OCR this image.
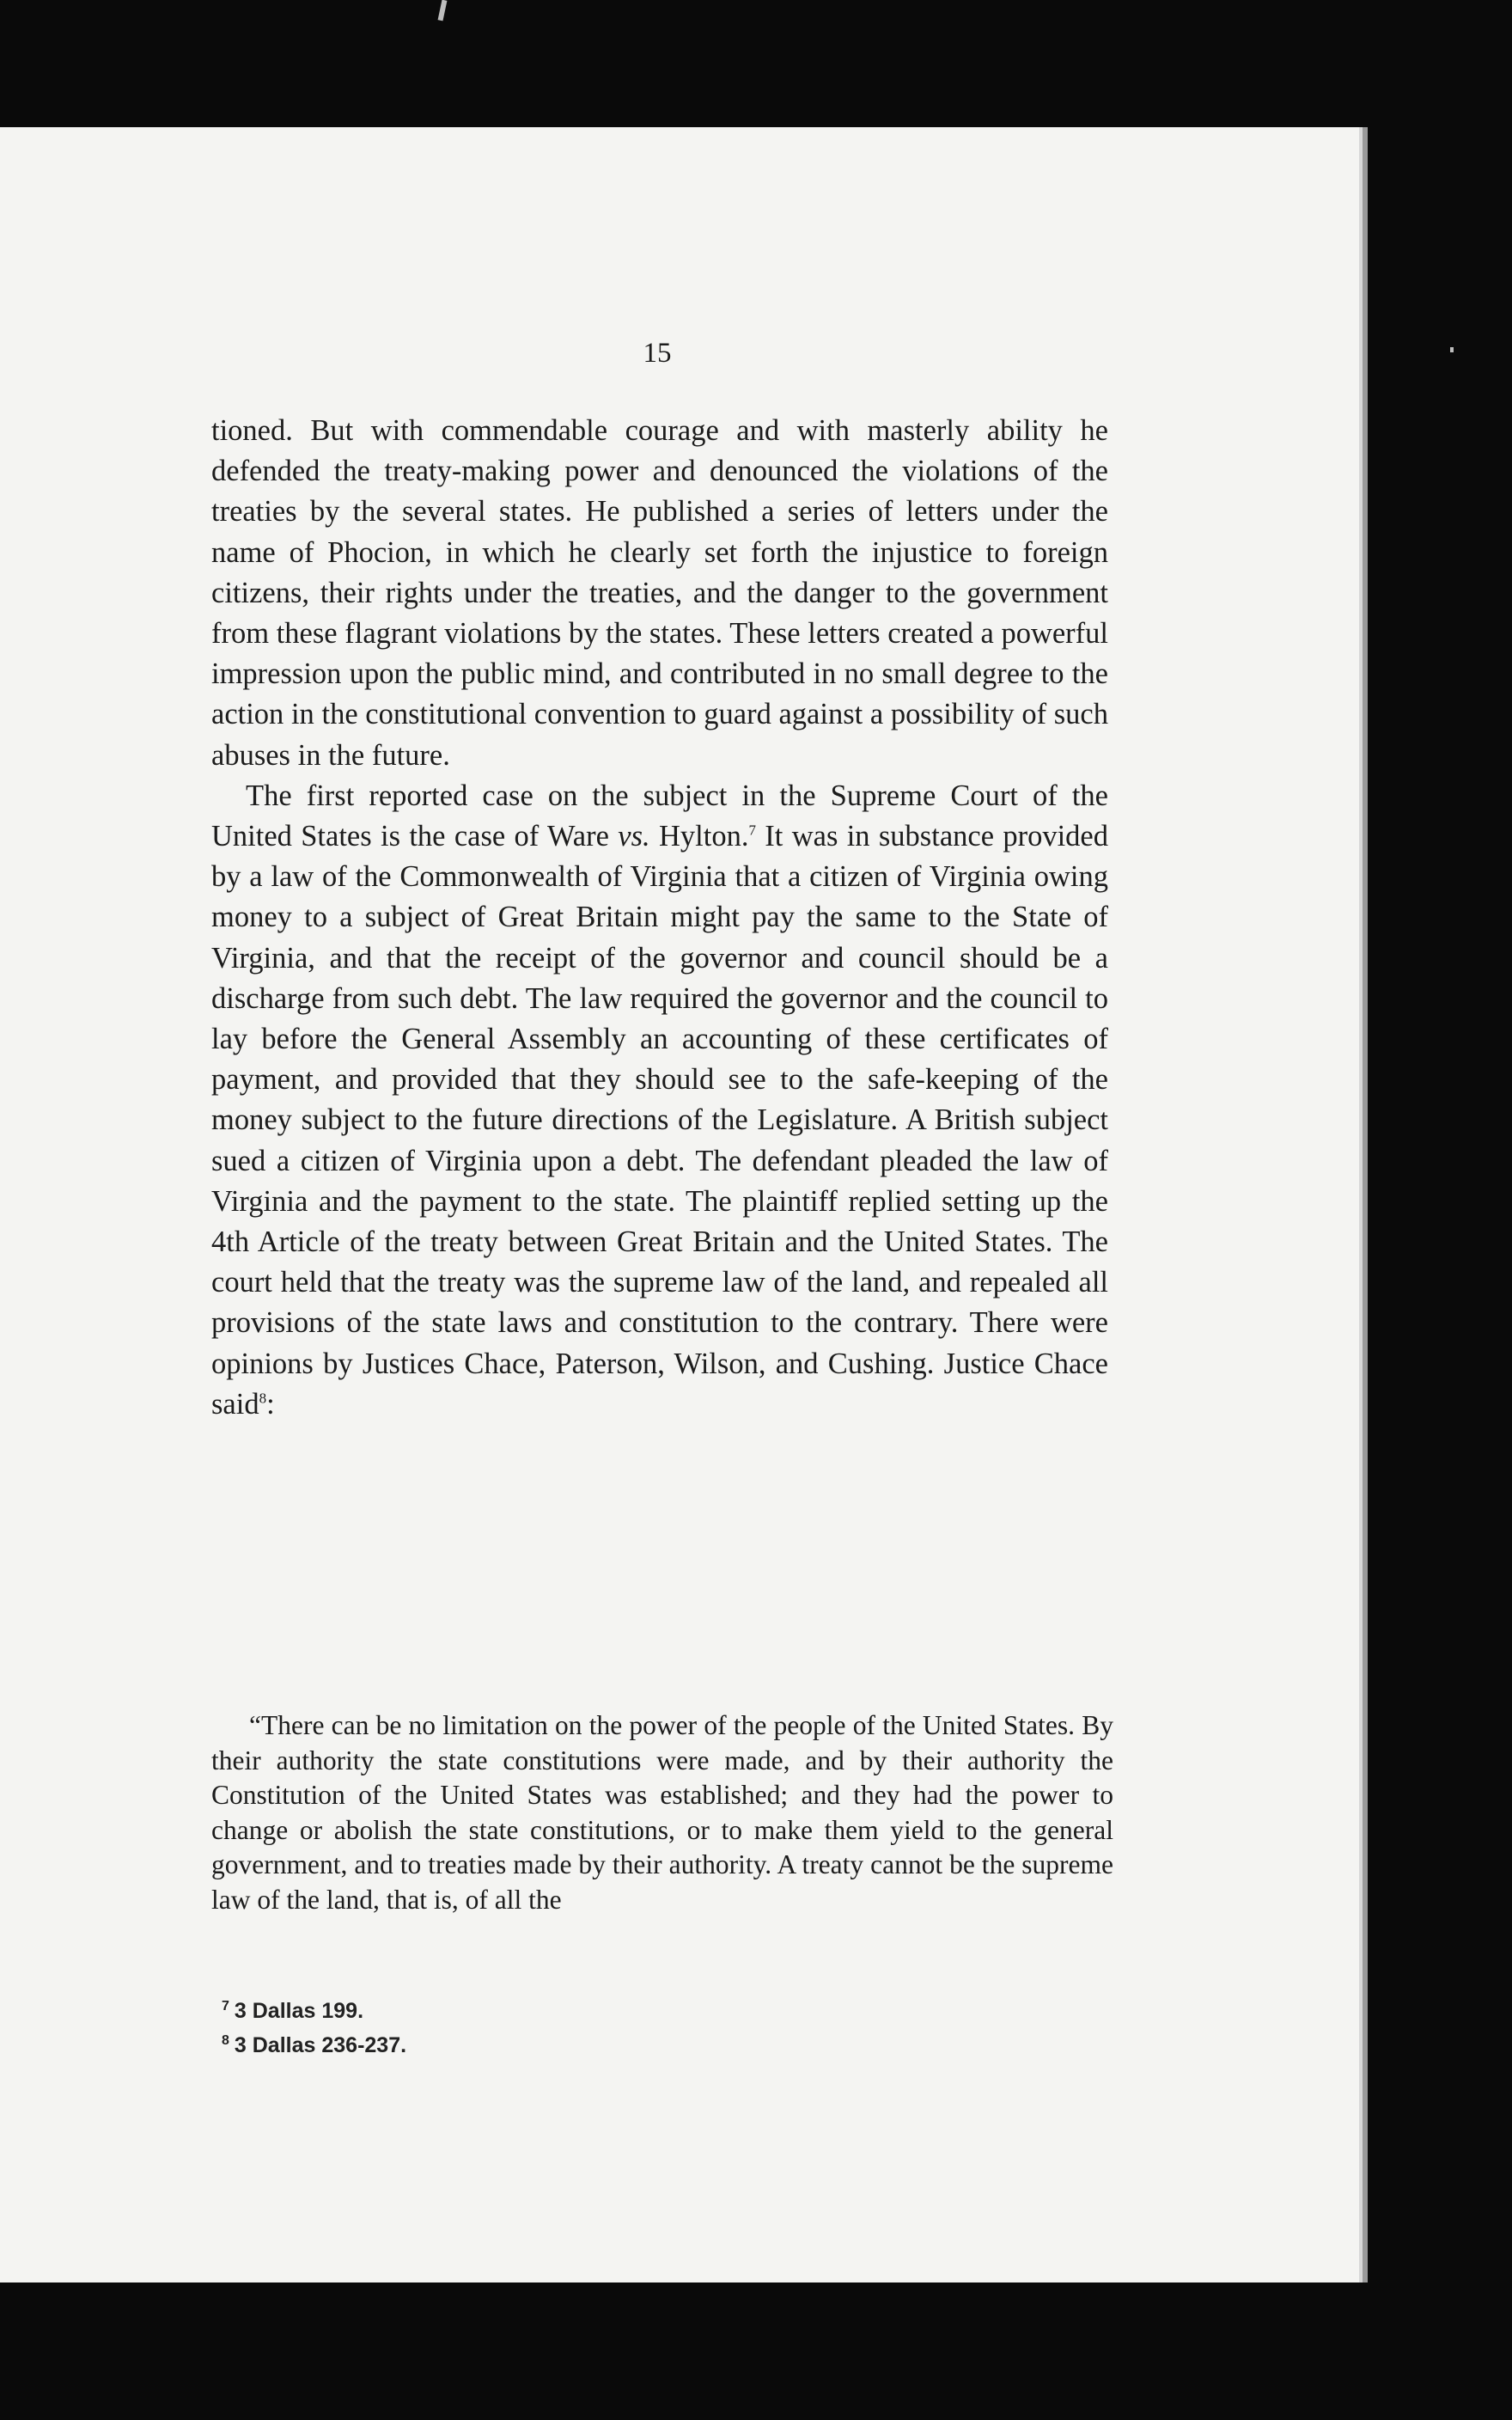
15

tioned. But with commendable courage and with masterly ability he defended the treaty-making power and denounced the violations of the treaties by the several states. He published a series of letters under the name of Phocion, in which he clearly set forth the injustice to foreign citizens, their rights under the treaties, and the danger to the government from these flagrant violations by the states. These letters created a powerful impression upon the public mind, and contributed in no small degree to the action in the constitutional convention to guard against a possibility of such abuses in the future.

The first reported case on the subject in the Supreme Court of the United States is the case of Ware vs. Hylton.$^7$ It was in substance provided by a law of the Commonwealth of Virginia that a citizen of Virginia owing money to a subject of Great Britain might pay the same to the State of Virginia, and that the receipt of the governor and council should be a discharge from such debt. The law required the governor and the council to lay before the General Assembly an accounting of these certificates of payment, and provided that they should see to the safe-keeping of the money subject to the future directions of the Legislature. A British subject sued a citizen of Virginia upon a debt. The defendant pleaded the law of Virginia and the payment to the state. The plaintiff replied setting up the 4th Article of the treaty between Great Britain and the United States. The court held that the treaty was the supreme law of the land, and repealed all provisions of the state laws and constitution to the contrary. There were opinions by Justices Chace, Paterson, Wilson, and Cushing. Justice Chace said$^8$:

“There can be no limitation on the power of the people of the United States. By their authority the state constitutions were made, and by their authority the Constitution of the United States was established; and they had the power to change or abolish the state constitutions, or to make them yield to the general government, and to treaties made by their authority. A treaty cannot be the supreme law of the land, that is, of all the

$^7$ 3 Dallas 199.
$^8$ 3 Dallas 236-237.
